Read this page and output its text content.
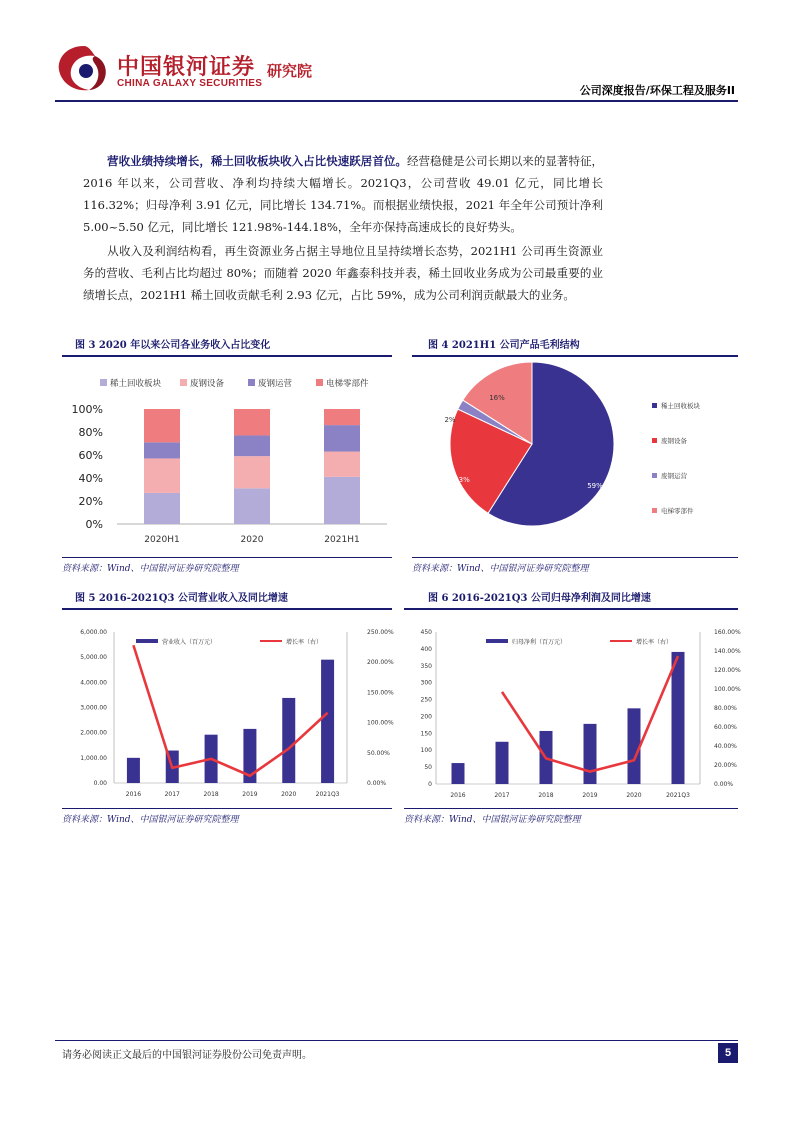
中国银河证券
CHINA GALAXY SECURITIES
研究院
公司深度报告/环保工程及服务II
营收业绩持续增长，稀土回收板块收入占比快速跃居首位。经营稳健是公司长期以来的显著特征，2016 年以来，公司营收、净利均持续大幅增长。2021Q3，公司营收 49.01 亿元，同比增长 116.32%；归母净利 3.91 亿元，同比增长 134.71%。而根据业绩快报，2021 年全年公司预计净利 5.00~5.50 亿元，同比增长 121.98%-144.18%，全年亦保持高速成长的良好势头。
从收入及利润结构看，再生资源业务占据主导地位且呈持续增长态势，2021H1 公司再生资源业务的营收、毛利占比均超过 80%；而随着 2020 年鑫泰科技并表，稀土回收业务成为公司最重要的业绩增长点，2021H1 稀土回收贡献毛利 2.93 亿元，占比 59%，成为公司利润贡献最大的业务。
图 3 2020 年以来公司各业务收入占比变化
稀土回收板块	废钢设备	废钢运营	电梯零部件
0%
20%
40%
60%
80%
100%
2020H1	2020	2021H1
资料来源：Wind、中国银河证券研究院整理
图 4 2021H1 公司产品毛利结构
59%
23%
2%
16%
稀土回收板块
废钢设备
废钢运营
电梯零部件
资料来源：Wind、中国银河证券研究院整理
图 5 2016-2021Q3 公司营业收入及同比增速
营业收入（百万元）	增长率（右）
0.00
1,000.00
2,000.00
3,000.00
4,000.00
5,000.00
6,000.00
0.00%
50.00%
100.00%
150.00%
200.00%
250.00%
2016	2017	2018	2019	2020	2021Q3
资料来源：Wind、中国银河证券研究院整理
图 6 2016-2021Q3 公司归母净利润及同比增速
归母净利（百万元）	增长率（右）
0
50
100
150
200
250
300
350
400
450
0.00%
20.00%
40.00%
60.00%
80.00%
100.00%
120.00%
140.00%
160.00%
2016	2017	2018	2019	2020	2021Q3
资料来源：Wind、中国银河证券研究院整理
请务必阅读正文最后的中国银河证券股份公司免责声明。	5
